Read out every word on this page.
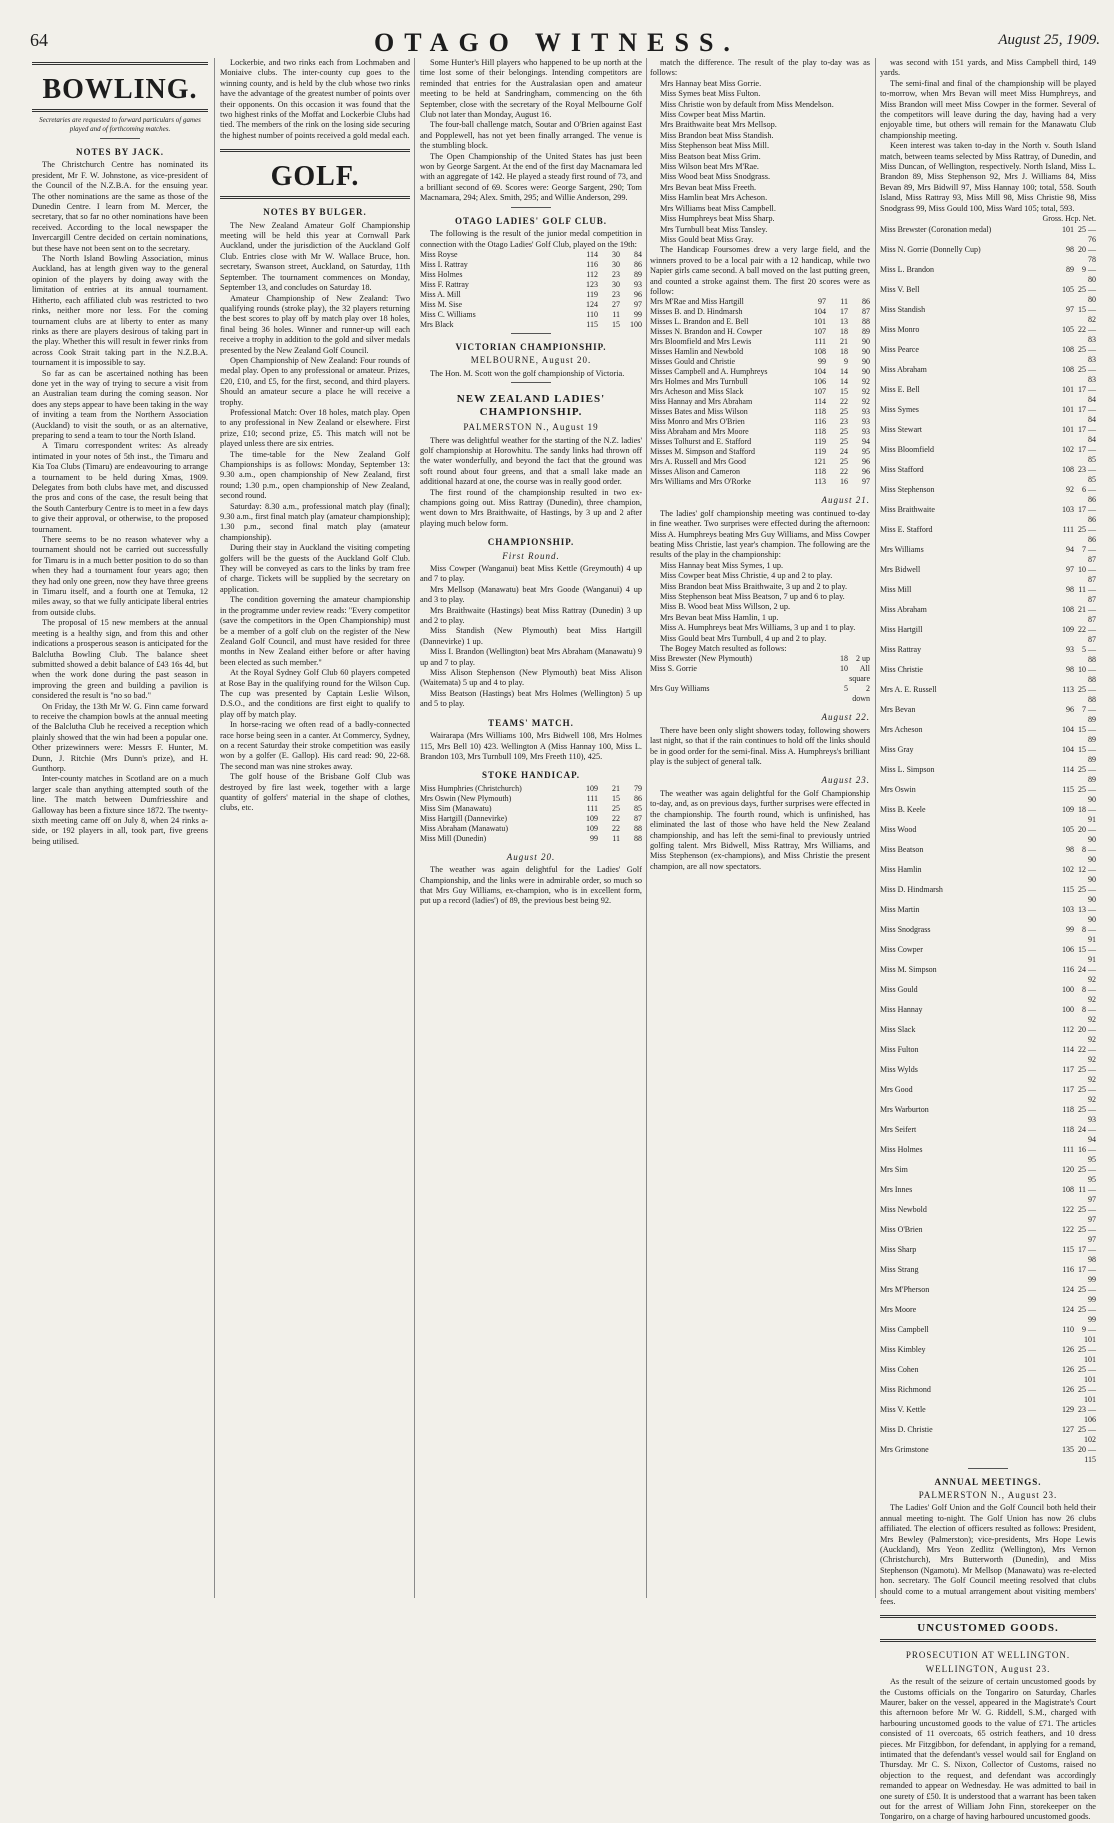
64	OTAGO WITNESS.	August 25, 1909.
BOWLING.
Secretaries are requested to forward particulars of games played and of forthcoming matches.
NOTES BY JACK.

The Christchurch Centre has nominated its president, Mr F. W. Johnstone, as vice-president of the Council of the N.Z.B.A. for the ensuing year. The other nominations are the same as those of the Dunedin Centre. I learn from M. Mercer, the secretary, that so far no other nominations have been received. According to the local newspaper the Invercargill Centre decided on certain nominations, but these have not been sent on to the secretary.

The North Island Bowling Association, minus Auckland, has at length given way to the general opinion of the players by doing away with the limitation of entries at its annual tournament. Hitherto, each affiliated club was restricted to two rinks, neither more nor less. For the coming tournament clubs are at liberty to enter as many rinks as there are players desirous of taking part in the play. Whether this will result in fewer rinks from across Cook Strait taking part in the N.Z.B.A. tournament it is impossible to say.

So far as can be ascertained nothing has been done yet in the way of trying to secure a visit from an Australian team during the coming season. Nor does any steps appear to have been taking in the way of inviting a team from the Northern Association (Auckland) to visit the south, or as an alternative, preparing to send a team to tour the North Island.

A Timaru correspondent writes: As already intimated in your notes of 5th inst., the Timaru and Kia Toa Clubs (Timaru) are endeavouring to arrange a tournament to be held during Xmas, 1909. Delegates from both clubs have met, and discussed the pros and cons of the case, the result being that the South Canterbury Centre is to meet in a few days to give their approval, or otherwise, to the proposed tournament.

There seems to be no reason whatever why a tournament should not be carried out successfully for Timaru is in a much better position to do so than when they had a tournament four years ago; then they had only one green, now they have three greens in Timaru itself, and a fourth one at Temuka, 12 miles away, so that we fully anticipate liberal entries from outside clubs.

The proposal of 15 new members at the annual meeting is a healthy sign, and from this and other indications a prosperous season is anticipated for the Balclutha Bowling Club. The balance sheet submitted showed a debit balance of £43 16s 4d, but when the work done during the past season in improving the green and building a pavilion is considered the result is "no so bad."

On Friday, the 13th Mr W. G. Finn came forward to receive the champion bowls at the annual meeting of the Balclutha Club he received a reception which plainly showed that the win had been a popular one. Other prizewinners were: Messrs F. Hunter, M. Dunn, J. Ritchie (Mrs Dunn's prize), and H. Gunthorp.

Inter-county matches in Scotland are on a much larger scale than anything attempted south of the line. The match between Dumfriesshire and Galloway has been a fixture since 1872. The twenty-sixth meeting came off on July 8, when 24 rinks a-side, or 192 players in all, took part, five greens being utilised.

Lockerbie, and two rinks each from Lochmaben and Moniaive clubs. The inter-county cup goes to the winning county, and is held by the club whose two rinks have the advantage of the greatest number of points over their opponents. On this occasion it was found that the two highest rinks of the Moffat and Lockerbie Clubs had tied. The members of the rink on the losing side securing the highest number of points received a gold medal each.

GOLF.
NOTES BY BULGER.

The New Zealand Amateur Golf Championship meeting will be held this year at Cornwall Park Auckland, under the jurisdiction of the Auckland Golf Club. Entries close with Mr W. Wallace Bruce, hon. secretary, Swanson street, Auckland, on Saturday, 11th September. The tournament commences on Monday, September 13, and concludes on Saturday 18.

Amateur Championship of New Zealand: Two qualifying rounds (stroke play), the 32 players returning the best scores to play off by match play over 18 holes, final being 36 holes. Winner and runner-up will each receive a trophy in addition to the gold and silver medals presented by the New Zealand Golf Council.

Open Championship of New Zealand: Four rounds of medal play. Open to any professional or amateur. Prizes, £20, £10, and £5, for the first, second, and third players. Should an amateur secure a place he will receive a trophy.

Professional Match: Over 18 holes, match play. Open to any professional in New Zealand or elsewhere. First prize, £10; second prize, £5. This match will not be played unless there are six entries.

The time-table for the New Zealand Golf Championships is as follows: Monday, September 13: 9.30 a.m., open championship of New Zealand, first round; 1.30 p.m., open championship of New Zealand, second round.

Saturday: 8.30 a.m., professional match play (final); 9.30 a.m., first final match play (amateur championship); 1.30 p.m., second final match play (amateur championship).

During their stay in Auckland the visiting competing golfers will be the guests of the Auckland Golf Club. They will be conveyed as cars to the links by tram free of charge. Tickets will be supplied by the secretary on application.

The condition governing the amateur championship in the programme under review reads: "Every competitor (save the competitors in the Open Championship) must be a member of a golf club on the register of the New Zealand Golf Council, and must have resided for three months in New Zealand either before or after having been elected as such member."

At the Royal Sydney Golf Club 60 players competed at Rose Bay in the qualifying round for the Wilson Cup. The cup was presented by Captain Leslie Wilson, D.S.O., and the conditions are first eight to qualify to play off by match play.

In horse-racing we often read of a badly-connected race horse being seen in a canter. At Commercy, Sydney, on a recent Saturday their stroke competition was easily won by a golfer (E. Gallop). His card read: 90, 22-68. The second man was nine strokes away.

The golf house of the Brisbane Golf Club was destroyed by fire last week, together with a large quantity of golfers' material in the shape of clothes, clubs, etc.

Some Hunter's Hill players who happened to be up north at the time lost some of their belongings. Intending competitors are reminded that entries for the Australasian open and amateur meeting to be held at Sandringham, commencing on the 6th September, close with the secretary of the Royal Melbourne Golf Club not later than Monday, August 16.

The four-ball challenge match, Soutar and O'Brien against East and Popplewell, has not yet been finally arranged. The venue is the stumbling block.

The Open Championship of the United States has just been won by George Sargent. At the end of the first day Macnamara led with an aggregate of 142. He played a steady first round of 73, and a brilliant second of 69. Scores were: George Sargent, 290; Tom Macnamara, 294; Alex. Smith, 295; and Willie Anderson, 299.

OTAGO LADIES' GOLF CLUB.

The following is the result of the junior medal competition in connection with the Otago Ladies' Golf Club, played on the 19th:

Miss Royse	114	30	84
Miss I. Rattray	116	30	86
Miss Holmes	112	23	89
Miss F. Rattray	123	30	93
Miss A. Mill	119	23	96
Miss M. Sise	124	27	97
Miss C. Williams	110	11	99
Mrs Black	115	15	100
VICTORIAN CHAMPIONSHIP.
MELBOURNE, August 20.

The Hon. M. Scott won the golf championship of Victoria.

NEW ZEALAND LADIES' CHAMPIONSHIP.
PALMERSTON N., August 19

There was delightful weather for the starting of the N.Z. ladies' golf championship at Horowhitu. The sandy links had thrown off the water wonderfully, and beyond the fact that the ground was soft round about four greens, and that a small lake made an additional hazard at one, the course was in really good order.

The first round of the championship resulted in two ex-champions going out. Miss Rattray (Dunedin), three champion, went down to Mrs Braithwaite, of Hastings, by 3 up and 2 after playing much below form.

CHAMPIONSHIP.
First Round.

Miss Cowper (Wanganui) beat Miss Kettle (Greymouth) 4 up and 7 to play.

Mrs Mellsop (Manawatu) beat Mrs Goode (Wanganui) 4 up and 3 to play.

Mrs Braithwaite (Hastings) beat Miss Rattray (Dunedin) 3 up and 2 to play.

Miss Standish (New Plymouth) beat Miss Hartgill (Dannevirke) 1 up.

Miss I. Brandon (Wellington) beat Mrs Abraham (Manawatu) 9 up and 7 to play.

Miss Alison Stephenson (New Plymouth) beat Miss Alison (Waitemata) 5 up and 4 to play.

Miss Beatson (Hastings) beat Mrs Holmes (Wellington) 5 up and 5 to play.

TEAMS' MATCH.

Wairarapa (Mrs Williams 100, Mrs Bidwell 108, Mrs Holmes 115, Mrs Bell 10) 423. Wellington A (Miss Hannay 100, Miss L. Brandon 103, Mrs Turnbull 109, Mrs Freeth 110), 425.

STOKE HANDICAP.
Miss Humphries (Christchurch)	109	21	79
Mrs Oswin (New Plymouth)	111	15	86
Miss Sim (Manawatu)	111	25	85
Miss Hartgill (Dannevirke)	109	22	87
Miss Abraham (Manawatu)	109	22	88
Miss Mill (Dunedin)	99	11	88
August 20.

The weather was again delightful for the Ladies' Golf Championship, and the links were in admirable order, so much so that Mrs Guy Williams, ex-champion, who is in excellent form, put up a record (ladies') of 89, the previous best being 92.

match the difference. The result of the play to-day was as follows:

Mrs Hannay beat Miss Gorrie.

Miss Symes beat Miss Fulton.

Miss Christie won by default from Miss Mendelson.

Miss Cowper beat Miss Martin.

Mrs Braithwaite beat Mrs Mellsop.

Miss Brandon beat Miss Standish.

Miss Stephenson beat Miss Mill.

Miss Beatson beat Miss Grim.

Miss Wilson beat Mrs M'Rae.

Miss Wood beat Miss Snodgrass.

Mrs Bevan beat Miss Freeth.

Miss Hamlin beat Mrs Acheson.

Mrs Williams beat Miss Campbell.

Miss Humphreys beat Miss Sharp.

Mrs Turnbull beat Miss Tansley.

Miss Gould beat Miss Gray.

The Handicap Foursomes drew a very large field, and the winners proved to be a local pair with a 12 handicap, while two Napier girls came second. A ball moved on the last putting green, and counted a stroke against them. The first 20 scores were as follow:

Mrs M'Rae and Miss Hartgill	97	11	86
Misses B. and D. Hindmarsh	104	17	87
Misses L. Brandon and E. Bell	101	13	88
Misses N. Brandon and H. Cowper	107	18	89
Mrs Bloomfield and Mrs Lewis	111	21	90
Misses Hamlin and Newbold	108	18	90
Misses Gould and Christie	99	9	90
Misses Campbell and A. Humphreys	104	14	90
Mrs Holmes and Mrs Turnbull	106	14	92
Mrs Acheson and Miss Slack	107	15	92
Miss Hannay and Mrs Abraham	114	22	92
Misses Bates and Miss Wilson	118	25	93
Miss Monro and Mrs O'Brien	116	23	93
Miss Abraham and Mrs Moore	118	25	93
Misses Tolhurst and E. Stafford	119	25	94
Misses M. Simpson and Stafford	119	24	95
Mrs A. Russell and Mrs Good	121	25	96
Misses Alison and Cameron	118	22	96
Mrs Williams and Mrs O'Rorke	113	16	97
August 21.

The ladies' golf championship meeting was continued to-day in fine weather. Two surprises were effected during the afternoon: Miss A. Humphreys beating Mrs Guy Williams, and Miss Cowper beating Miss Christie, last year's champion. The following are the results of the play in the championship:

Miss Hannay beat Miss Symes, 1 up.

Miss Cowper beat Miss Christie, 4 up and 2 to play.

Miss Brandon beat Miss Braithwaite, 3 up and 2 to play.

Miss Stephenson beat Miss Beatson, 7 up and 6 to play.

Miss B. Wood beat Miss Willson, 2 up.

Mrs Bevan beat Miss Hamlin, 1 up.

Miss A. Humphreys beat Mrs Williams, 3 up and 1 to play.

Miss Gould beat Mrs Turnbull, 4 up and 2 to play.

The Bogey Match resulted as follows:

Miss Brewster (New Plymouth)	18	2 up
Miss S. Gorrie	10	All square
Mrs Guy Williams	5	2 down
August 22.

There have been only slight showers today, following showers last night, so that if the rain continues to hold off the links should be in good order for the semi-final. Miss A. Humphreys's brilliant play is the subject of general talk.

August 23.

The weather was again delightful for the Golf Championship to-day, and, as on previous days, further surprises were effected in the championship. The fourth round, which is unfinished, has eliminated the last of those who have held the New Zealand championship, and has left the semi-final to previously untried golfing talent. Mrs Bidwell, Miss Rattray, Mrs Williams, and Miss Stephenson (ex-champions), and Miss Christie the present champion, are all now spectators.

was second with 151 yards, and Miss Campbell third, 149 yards.

The semi-final and final of the championship will be played to-morrow, when Mrs Bevan will meet Miss Humphreys, and Miss Brandon will meet Miss Cowper in the former. Several of the competitors will leave during the day, having had a very enjoyable time, but others will remain for the Manawatu Club championship meeting.

Keen interest was taken to-day in the North v. South Island match, between teams selected by Miss Rattray, of Dunedin, and Miss Duncan, of Wellington, respectively. North Island, Miss L. Brandon 89, Miss Stephenson 92, Mrs J. Williams 84, Miss Bevan 89, Mrs Bidwill 97, Miss Hannay 100; total, 558. South Island, Miss Rattray 93, Miss Mill 98, Miss Christie 98, Miss Snodgrass 99, Miss Gould 100, Miss Ward 105; total, 593.

Gross. Hcp. Net.
Miss Brewster (Coronation medal)	101	25 — 76
Miss N. Gorrie (Donnelly Cup)	98	20 — 78
Miss L. Brandon	89	9 — 80
Miss V. Bell	105	25 — 80
Miss Standish	97	15 — 82
Miss Monro	105	22 — 83
Miss Pearce	108	25 — 83
Miss Abraham	108	25 — 83
Miss E. Bell	101	17 — 84
Miss Symes	101	17 — 84
Miss Stewart	101	17 — 84
Miss Bloomfield	102	17 — 85
Miss Stafford	108	23 — 85
Miss Stephenson	92	6 — 86
Miss Braithwaite	103	17 — 86
Miss E. Stafford	111	25 — 86
Mrs Williams	94	7 — 87
Mrs Bidwell	97	10 — 87
Miss Mill	98	11 — 87
Miss Abraham	108	21 — 87
Miss Hartgill	109	22 — 87
Miss Rattray	93	5 — 88
Miss Christie	98	10 — 88
Mrs A. E. Russell	113	25 — 88
Mrs Bevan	96	7 — 89
Mrs Acheson	104	15 — 89
Miss Gray	104	15 — 89
Miss L. Simpson	114	25 — 89
Mrs Oswin	115	25 — 90
Miss B. Keele	109	18 — 91
Miss Wood	105	20 — 90
Miss Beatson	98	8 — 90
Miss Hamlin	102	12 — 90
Miss D. Hindmarsh	115	25 — 90
Miss Martin	103	13 — 90
Miss Snodgrass	99	8 — 91
Miss Cowper	106	15 — 91
Miss M. Simpson	116	24 — 92
Miss Gould	100	8 — 92
Miss Hannay	100	8 — 92
Miss Slack	112	20 — 92
Miss Fulton	114	22 — 92
Miss Wylds	117	25 — 92
Mrs Good	117	25 — 92
Mrs Warburton	118	25 — 93
Mrs Seifert	118	24 — 94
Miss Holmes	111	16 — 95
Mrs Sim	120	25 — 95
Mrs Innes	108	11 — 97
Miss Newbold	122	25 — 97
Miss O'Brien	122	25 — 97
Miss Sharp	115	17 — 98
Miss Strang	116	17 — 99
Mrs M'Pherson	124	25 — 99
Mrs Moore	124	25 — 99
Miss Campbell	110	9 — 101
Miss Kimbley	126	25 — 101
Miss Cohen	126	25 — 101
Miss Richmond	126	25 — 101
Miss V. Kettle	129	23 — 106
Miss D. Christie	127	25 — 102
Mrs Grimstone	135	20 — 115
ANNUAL MEETINGS.
PALMERSTON N., August 23.

The Ladies' Golf Union and the Golf Council both held their annual meeting to-night. The Golf Union has now 26 clubs affiliated. The election of officers resulted as follows: President, Mrs Bewley (Palmerston); vice-presidents, Mrs Hope Lewis (Auckland), Mrs Yeon Zedlitz (Wellington), Mrs Vernon (Christchurch), Mrs Butterworth (Dunedin), and Miss Stephenson (Ngamotu). Mr Mellsop (Manawatu) was re-elected hon. secretary. The Golf Council meeting resolved that clubs should come to a mutual arrangement about visiting members' fees.

UNCUSTOMED GOODS.
PROSECUTION AT WELLINGTON.
WELLINGTON, August 23.

As the result of the seizure of certain uncustomed goods by the Customs officials on the Tongariro on Saturday, Charles Maurer, baker on the vessel, appeared in the Magistrate's Court this afternoon before Mr W. G. Riddell, S.M., charged with harbouring uncustomed goods to the value of £71. The articles consisted of 11 overcoats, 65 ostrich feathers, and 10 dress pieces. Mr Fitzgibbon, for defendant, in applying for a remand, intimated that the defendant's vessel would sail for England on Thursday. Mr C. S. Nixon, Collector of Customs, raised no objection to the request, and defendant was accordingly remanded to appear on Wednesday. He was admitted to bail in one surety of £50. It is understood that a warrant has been taken out for the arrest of William John Finn, storekeeper on the Tongariro, on a charge of having harboured uncustomed goods.
